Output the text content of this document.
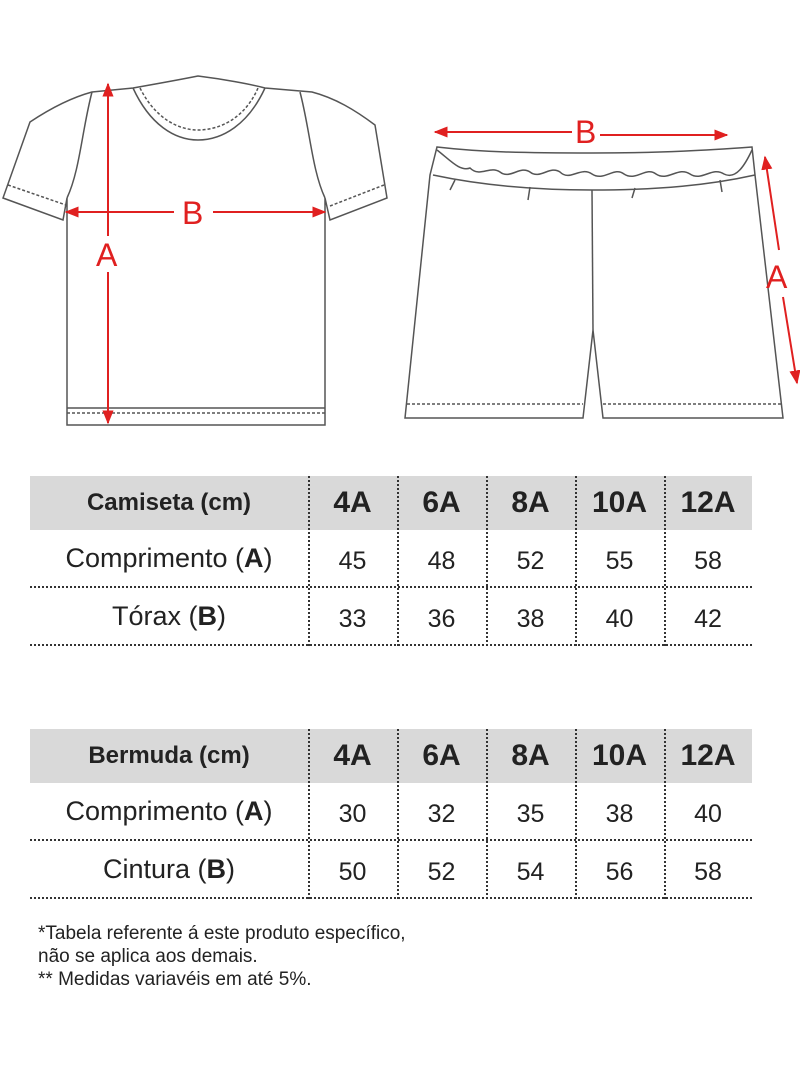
A
B
B
A
Camiseta (cm)	4A	6A	8A	10A	12A
Comprimento ( A )	45	48	52	55	58
Tórax ( B )	33	36	38	40	42
Bermuda (cm)	4A	6A	8A	10A	12A
Comprimento ( A )	30	32	35	38	40
Cintura ( B )	50	52	54	56	58
*Tabela referente á este produto específico,
não se aplica aos demais.
** Medidas variavéis em até 5%.
